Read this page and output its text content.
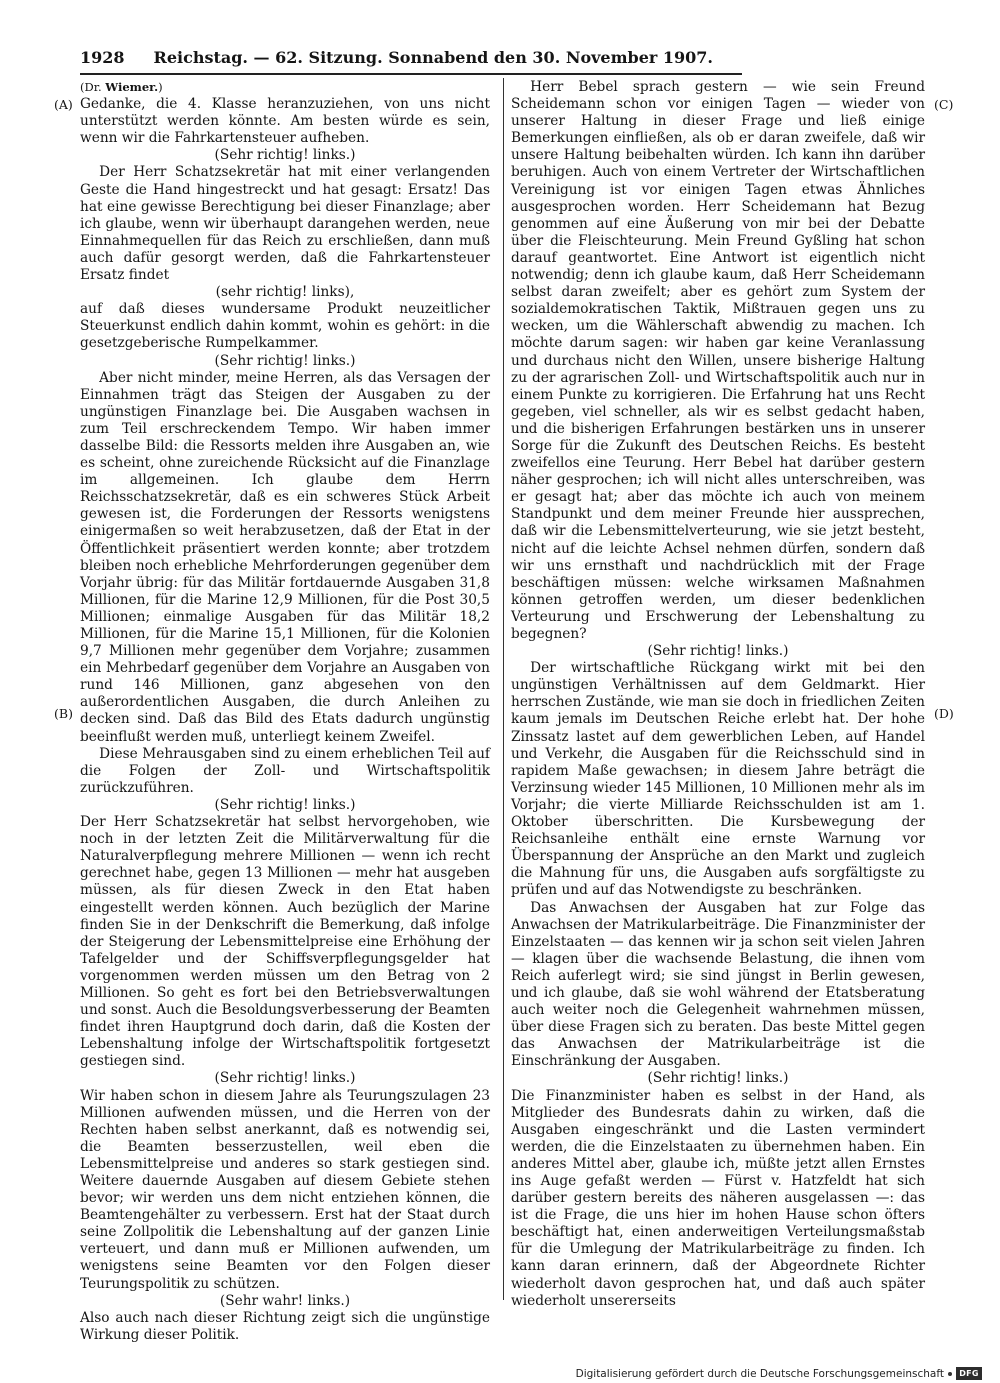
1928	Reichstag. — 62. Sitzung. Sonnabend den 30. November 1907.
(A)
(B)
(C)
(D)

(Dr. Wiemer.)

Gedanke, die 4. Klasse heranzuziehen, von uns nicht unterstützt werden könnte. Am besten würde es sein, wenn wir die Fahrkartensteuer aufheben.

(Sehr richtig! links.)

Der Herr Schatzsekretär hat mit einer verlangenden Geste die Hand hingestreckt und hat gesagt: Ersatz! Das hat eine gewisse Berechtigung bei dieser Finanzlage; aber ich glaube, wenn wir überhaupt darangehen werden, neue Einnahmequellen für das Reich zu erschließen, dann muß auch dafür gesorgt werden, daß die Fahrkartensteuer Ersatz findet

(sehr richtig! links),

auf daß dieses wundersame Produkt neuzeitlicher Steuerkunst endlich dahin kommt, wohin es gehört: in die gesetzgeberische Rumpelkammer.

(Sehr richtig! links.)

Aber nicht minder, meine Herren, als das Versagen der Einnahmen trägt das Steigen der Ausgaben zu der ungünstigen Finanzlage bei. Die Ausgaben wachsen in zum Teil erschreckendem Tempo. Wir haben immer dasselbe Bild: die Ressorts melden ihre Ausgaben an, wie es scheint, ohne zureichende Rücksicht auf die Finanzlage im allgemeinen. Ich glaube dem Herrn Reichsschatzsekretär, daß es ein schweres Stück Arbeit gewesen ist, die Forderungen der Ressorts wenigstens einigermaßen so weit herabzusetzen, daß der Etat in der Öffentlichkeit präsentiert werden konnte; aber trotzdem bleiben noch erhebliche Mehrforderungen gegenüber dem Vorjahr übrig: für das Militär fortdauernde Ausgaben 31,8 Millionen, für die Marine 12,9 Millionen, für die Post 30,5 Millionen; einmalige Ausgaben für das Militär 18,2 Millionen, für die Marine 15,1 Millionen, für die Kolonien 9,7 Millionen mehr gegenüber dem Vorjahre; zusammen ein Mehrbedarf gegenüber dem Vorjahre an Ausgaben von rund 146 Millionen, ganz abgesehen von den außerordentlichen Ausgaben, die durch Anleihen zu decken sind. Daß das Bild des Etats dadurch ungünstig beeinflußt werden muß, unterliegt keinem Zweifel.

Diese Mehrausgaben sind zu einem erheblichen Teil auf die Folgen der Zoll- und Wirtschaftspolitik zurückzuführen.

(Sehr richtig! links.)

Der Herr Schatzsekretär hat selbst hervorgehoben, wie noch in der letzten Zeit die Militärverwaltung für die Naturalverpflegung mehrere Millionen — wenn ich recht gerechnet habe, gegen 13 Millionen — mehr hat ausgeben müssen, als für diesen Zweck in den Etat haben eingestellt werden können. Auch bezüglich der Marine finden Sie in der Denkschrift die Bemerkung, daß infolge der Steigerung der Lebensmittelpreise eine Erhöhung der Tafelgelder und der Schiffsverpflegungsgelder hat vorgenommen werden müssen um den Betrag von 2 Millionen. So geht es fort bei den Betriebsverwaltungen und sonst. Auch die Besoldungsverbesserung der Beamten findet ihren Hauptgrund doch darin, daß die Kosten der Lebenshaltung infolge der Wirtschaftspolitik fortgesetzt gestiegen sind.

(Sehr richtig! links.)

Wir haben schon in diesem Jahre als Teurungszulagen 23 Millionen aufwenden müssen, und die Herren von der Rechten haben selbst anerkannt, daß es notwendig sei, die Beamten besserzustellen, weil eben die Lebensmittelpreise und anderes so stark gestiegen sind. Weitere dauernde Ausgaben auf diesem Gebiete stehen bevor; wir werden uns dem nicht entziehen können, die Beamtengehälter zu verbessern. Erst hat der Staat durch seine Zollpolitik die Lebenshaltung auf der ganzen Linie verteuert, und dann muß er Millionen aufwenden, um wenigstens seine Beamten vor den Folgen dieser Teurungspolitik zu schützen.

(Sehr wahr! links.)

Also auch nach dieser Richtung zeigt sich die ungünstige Wirkung dieser Politik.

Herr Bebel sprach gestern — wie sein Freund Scheidemann schon vor einigen Tagen — wieder von unserer Haltung in dieser Frage und ließ einige Bemerkungen einfließen, als ob er daran zweifele, daß wir unsere Haltung beibehalten würden. Ich kann ihn darüber beruhigen. Auch von einem Vertreter der Wirtschaftlichen Vereinigung ist vor einigen Tagen etwas Ähnliches ausgesprochen worden. Herr Scheidemann hat Bezug genommen auf eine Äußerung von mir bei der Debatte über die Fleischteurung. Mein Freund Gyßling hat schon darauf geantwortet. Eine Antwort ist eigentlich nicht notwendig; denn ich glaube kaum, daß Herr Scheidemann selbst daran zweifelt; aber es gehört zum System der sozialdemokratischen Taktik, Mißtrauen gegen uns zu wecken, um die Wählerschaft abwendig zu machen. Ich möchte darum sagen: wir haben gar keine Veranlassung und durchaus nicht den Willen, unsere bisherige Haltung zu der agrarischen Zoll- und Wirtschaftspolitik auch nur in einem Punkte zu korrigieren. Die Erfahrung hat uns Recht gegeben, viel schneller, als wir es selbst gedacht haben, und die bisherigen Erfahrungen bestärken uns in unserer Sorge für die Zukunft des Deutschen Reichs. Es besteht zweifellos eine Teurung. Herr Bebel hat darüber gestern näher gesprochen; ich will nicht alles unterschreiben, was er gesagt hat; aber das möchte ich auch von meinem Standpunkt und dem meiner Freunde hier aussprechen, daß wir die Lebensmittelverteurung, wie sie jetzt besteht, nicht auf die leichte Achsel nehmen dürfen, sondern daß wir uns ernsthaft und nachdrücklich mit der Frage beschäftigen müssen: welche wirksamen Maßnahmen können getroffen werden, um dieser bedenklichen Verteurung und Erschwerung der Lebenshaltung zu begegnen?

(Sehr richtig! links.)

Der wirtschaftliche Rückgang wirkt mit bei den ungünstigen Verhältnissen auf dem Geldmarkt. Hier herrschen Zustände, wie man sie doch in friedlichen Zeiten kaum jemals im Deutschen Reiche erlebt hat. Der hohe Zinssatz lastet auf dem gewerblichen Leben, auf Handel und Verkehr, die Ausgaben für die Reichsschuld sind in rapidem Maße gewachsen; in diesem Jahre beträgt die Verzinsung wieder 145 Millionen, 10 Millionen mehr als im Vorjahr; die vierte Milliarde Reichsschulden ist am 1. Oktober überschritten. Die Kursbewegung der Reichsanleihe enthält eine ernste Warnung vor Überspannung der Ansprüche an den Markt und zugleich die Mahnung für uns, die Ausgaben aufs sorgfältigste zu prüfen und auf das Notwendigste zu beschränken.

Das Anwachsen der Ausgaben hat zur Folge das Anwachsen der Matrikularbeiträge. Die Finanzminister der Einzelstaaten — das kennen wir ja schon seit vielen Jahren — klagen über die wachsende Belastung, die ihnen vom Reich auferlegt wird; sie sind jüngst in Berlin gewesen, und ich glaube, daß sie wohl während der Etatsberatung auch weiter noch die Gelegenheit wahrnehmen müssen, über diese Fragen sich zu beraten. Das beste Mittel gegen das Anwachsen der Matrikularbeiträge ist die Einschränkung der Ausgaben.

(Sehr richtig! links.)

Die Finanzminister haben es selbst in der Hand, als Mitglieder des Bundesrats dahin zu wirken, daß die Ausgaben eingeschränkt und die Lasten vermindert werden, die die Einzelstaaten zu übernehmen haben. Ein anderes Mittel aber, glaube ich, müßte jetzt allen Ernstes ins Auge gefaßt werden — Fürst v. Hatzfeldt hat sich darüber gestern bereits des näheren ausgelassen —: das ist die Frage, die uns hier im hohen Hause schon öfters beschäftigt hat, einen anderweitigen Verteilungsmaßstab für die Umlegung der Matrikularbeiträge zu finden. Ich kann daran erinnern, daß der Abgeordnete Richter wiederholt davon gesprochen hat, und daß auch später wiederholt unsererseits

Digitalisierung gefördert durch die Deutsche Forschungsgemeinschaft	DFG
